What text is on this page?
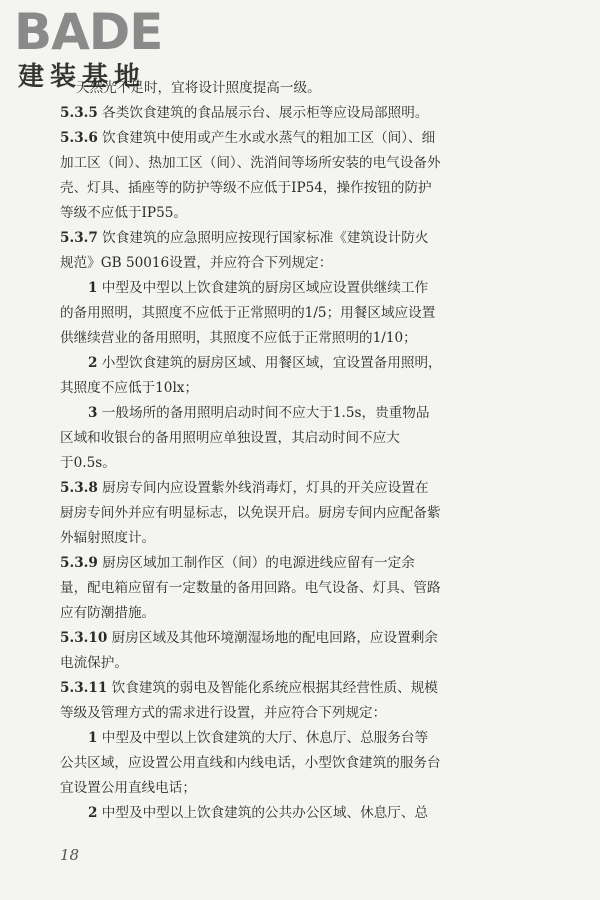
BADE
建装基地
天然光不足时，宜将设计照度提高一级。
5.3.5 各类饮食建筑的食品展示台、展示柜等应设局部照明。
5.3.6 饮食建筑中使用或产生水或水蒸气的粗加工区（间）、细
加工区（间）、热加工区（间）、洗消间等场所安装的电气设备外
壳、灯具、插座等的防护等级不应低于IP54，操作按钮的防护
等级不应低于IP55。
5.3.7 饮食建筑的应急照明应按现行国家标准《建筑设计防火
规范》GB 50016设置，并应符合下列规定：
1 中型及中型以上饮食建筑的厨房区域应设置供继续工作
的备用照明，其照度不应低于正常照明的1/5；用餐区域应设置
供继续营业的备用照明，其照度不应低于正常照明的1/10；
2 小型饮食建筑的厨房区域、用餐区域，宜设置备用照明，
其照度不应低于10lx；
3 一般场所的备用照明启动时间不应大于1.5s，贵重物品
区域和收银台的备用照明应单独设置，其启动时间不应大
于0.5s。
5.3.8 厨房专间内应设置紫外线消毒灯，灯具的开关应设置在
厨房专间外并应有明显标志，以免误开启。厨房专间内应配备紫
外辐射照度计。
5.3.9 厨房区域加工制作区（间）的电源进线应留有一定余
量，配电箱应留有一定数量的备用回路。电气设备、灯具、管路
应有防潮措施。
5.3.10 厨房区域及其他环境潮湿场地的配电回路，应设置剩余
电流保护。
5.3.11 饮食建筑的弱电及智能化系统应根据其经营性质、规模
等级及管理方式的需求进行设置，并应符合下列规定：
1 中型及中型以上饮食建筑的大厅、休息厅、总服务台等
公共区域，应设置公用直线和内线电话，小型饮食建筑的服务台
宜设置公用直线电话；
2 中型及中型以上饮食建筑的公共办公区域、休息厅、总
18
